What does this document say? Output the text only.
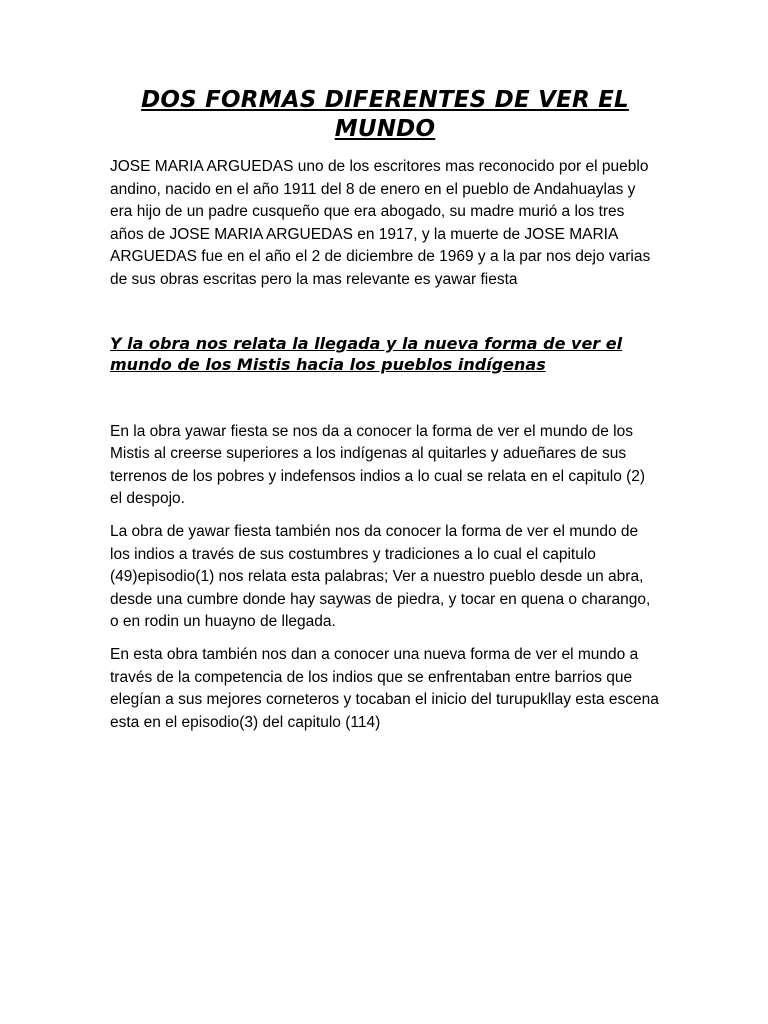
DOS FORMAS DIFERENTES DE VER EL MUNDO

JOSE MARIA ARGUEDAS uno de los escritores mas reconocido por el pueblo andino, nacido en el año 1911 del 8 de enero en el pueblo de Andahuaylas y era hijo de un padre cusqueño que era abogado, su madre murió a los tres años de JOSE MARIA ARGUEDAS en 1917, y la muerte de JOSE MARIA ARGUEDAS fue en el año el 2 de diciembre de 1969 y a la par nos dejo varias de sus obras escritas pero la mas relevante es yawar fiesta

Y la obra nos relata la llegada y la nueva forma de ver el mundo de los Mistis hacia los pueblos indígenas

En la obra yawar fiesta se nos da a conocer la forma de ver el mundo de los Mistis al creerse superiores a los indígenas al quitarles y adueñares de sus terrenos de los pobres y indefensos indios a lo cual se relata en el capitulo (2) el despojo.

La obra de yawar fiesta también nos da conocer la forma de ver el mundo de los indios a través de sus costumbres y tradiciones a lo cual el capitulo (49)episodio(1) nos relata esta palabras; Ver a nuestro pueblo desde un abra, desde una cumbre donde hay saywas de piedra, y tocar en quena o charango, o en rodin un huayno de llegada.

En esta obra también nos dan a conocer una nueva forma de ver el mundo a través de la competencia de los indios que se enfrentaban entre barrios que elegían a sus mejores corneteros y tocaban el inicio del turupukllay esta escena esta en el episodio(3) del capitulo (114)
